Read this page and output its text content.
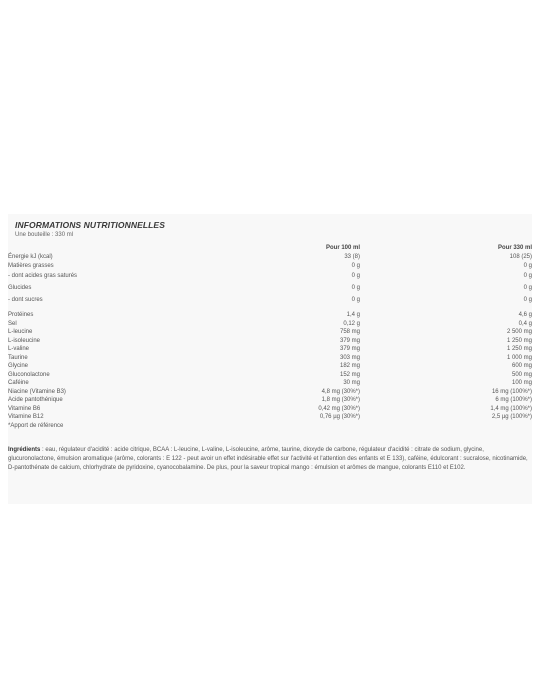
INFORMATIONS NUTRITIONNELLES
Une bouteille : 330 ml
Pour 100 ml	Pour 330 ml
Énergie kJ (kcal)	33 (8)	108 (25)
Matières grasses	0 g	0 g
- dont acides gras saturés	0 g	0 g
Glucides	0 g	0 g
- dont sucres	0 g	0 g
Protéines	1,4 g	4,6 g
Sel	0,12 g	0,4 g
L-leucine	758 mg	2 500 mg
L-isoleucine	379 mg	1 250 mg
L-valine	379 mg	1 250 mg
Taurine	303 mg	1 000 mg
Glycine	182 mg	600 mg
Gluconolactone	152 mg	500 mg
Caféine	30 mg	100 mg
Niacine (Vitamine B3)	4,8 mg (30%*)	16 mg (100%*)
Acide pantothénique	1,8 mg (30%*)	6 mg (100%*)
Vitamine B6	0,42 mg (30%*)	1,4 mg (100%*)
Vitamine B12	0,76 µg (30%*)	2,5 µg (100%*)
*Apport de référence
Ingrédients : eau, régulateur d'acidité : acide citrique, BCAA : L-leucine, L-valine, L-isoleucine, arôme, taurine, dioxyde de carbone, régulateur d'acidité : citrate de sodium, glycine, glucuronolactone, émulsion aromatique (arôme, colorants : E 122 - peut avoir un effet indésirable effet sur l'activité et l'attention des enfants et E 133), caféine, édulcorant : sucralose, nicotinamide, D-pantothénate de calcium, chlorhydrate de pyridoxine, cyanocobalamine. De plus, pour la saveur tropical mango : émulsion et arômes de mangue, colorants E110 et E102.
